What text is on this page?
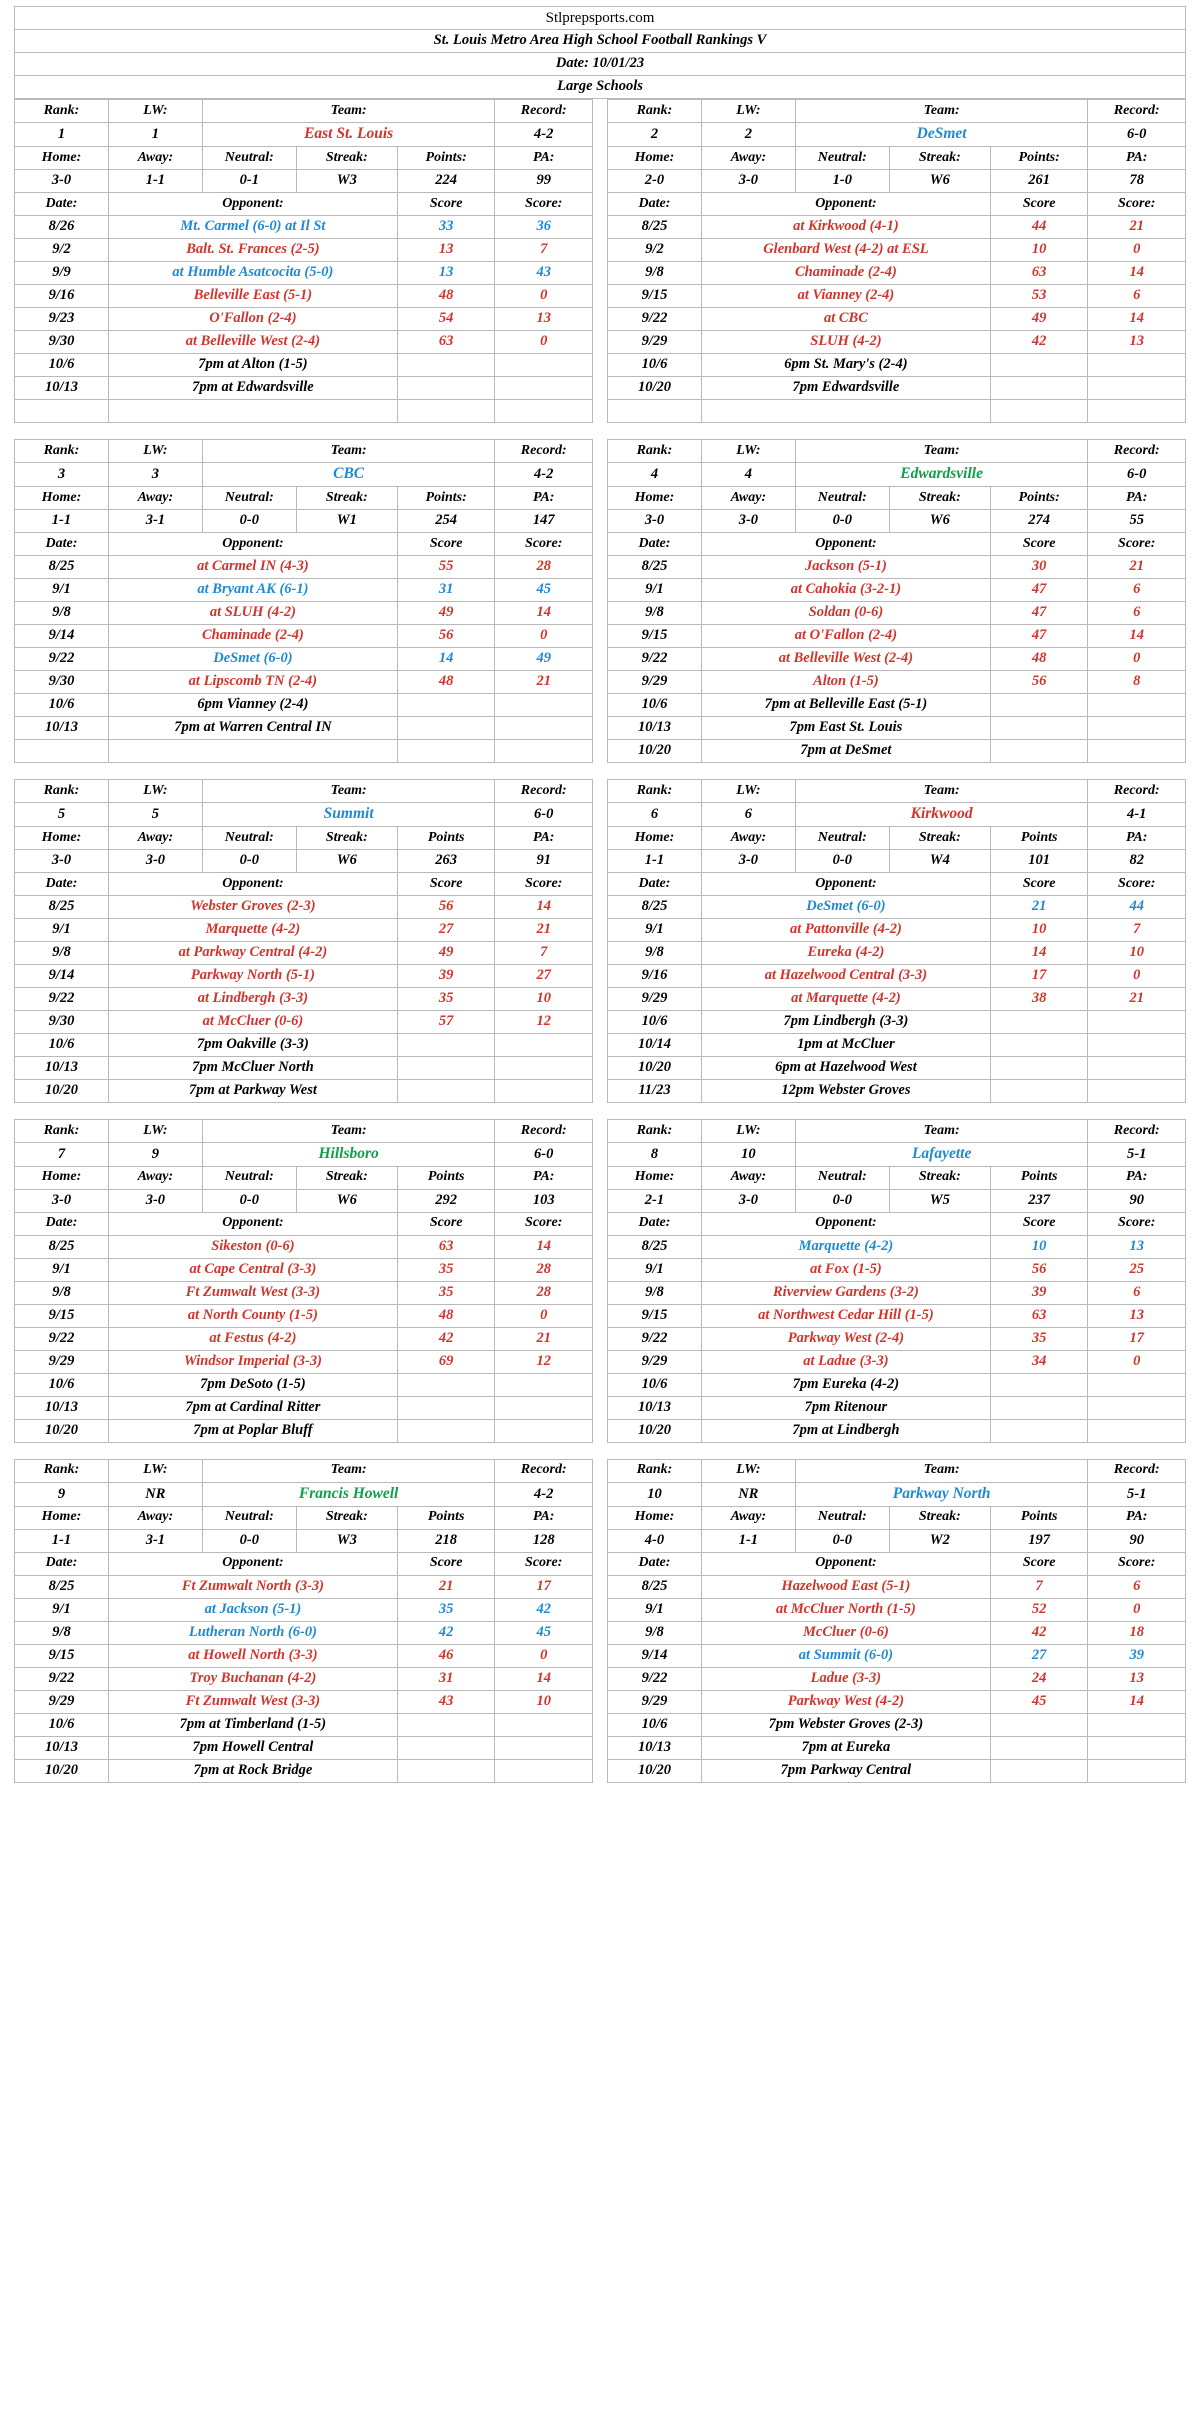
Stlprepsports.com
St. Louis Metro Area High School Football Rankings V
Date: 10/01/23
Large Schools
Rank:	LW:	Team:	Record:
1	1	East St. Louis	4-2
Home:	Away:	Neutral:	Streak:	Points:	PA:
3-0	1-1	0-1	W3	224	99
Date:	Opponent:	Score	Score:
8/26	Mt. Carmel (6-0) at Il St	33	36
9/2	Balt. St. Frances (2-5)	13	7
9/9	at Humble Asatcocita (5-0)	13	43
9/16	Belleville East (5-1)	48	0
9/23	O'Fallon (2-4)	54	13
9/30	at Belleville West (2-4)	63	0
10/6	7pm at Alton (1-5)		
10/13	7pm at Edwardsville		

Rank:	LW:	Team:	Record:
2	2	DeSmet	6-0
Home:	Away:	Neutral:	Streak:	Points:	PA:
2-0	3-0	1-0	W6	261	78
Date:	Opponent:	Score	Score:
8/25	at Kirkwood (4-1)	44	21
9/2	Glenbard West (4-2) at ESL	10	0
9/8	Chaminade (2-4)	63	14
9/15	at Vianney (2-4)	53	6
9/22	at CBC	49	14
9/29	SLUH (4-2)	42	13
10/6	6pm St. Mary's (2-4)		
10/20	7pm Edwardsville		

Rank:	LW:	Team:	Record:
3	3	CBC	4-2
Home:	Away:	Neutral:	Streak:	Points:	PA:
1-1	3-1	0-0	W1	254	147
Date:	Opponent:	Score	Score:
8/25	at Carmel IN (4-3)	55	28
9/1	at Bryant AK (6-1)	31	45
9/8	at SLUH (4-2)	49	14
9/14	Chaminade (2-4)	56	0
9/22	DeSmet (6-0)	14	49
9/30	at Lipscomb TN (2-4)	48	21
10/6	6pm Vianney (2-4)		
10/13	7pm at Warren Central IN		

Rank:	LW:	Team:	Record:
4	4	Edwardsville	6-0
Home:	Away:	Neutral:	Streak:	Points:	PA:
3-0	3-0	0-0	W6	274	55
Date:	Opponent:	Score	Score:
8/25	Jackson (5-1)	30	21
9/1	at Cahokia (3-2-1)	47	6
9/8	Soldan (0-6)	47	6
9/15	at O'Fallon (2-4)	47	14
9/22	at Belleville West (2-4)	48	0
9/29	Alton (1-5)	56	8
10/6	7pm at Belleville East (5-1)		
10/13	7pm East St. Louis		
10/20	7pm at DeSmet		
Rank:	LW:	Team:	Record:
5	5	Summit	6-0
Home:	Away:	Neutral:	Streak:	Points	PA:
3-0	3-0	0-0	W6	263	91
Date:	Opponent:	Score	Score:
8/25	Webster Groves (2-3)	56	14
9/1	Marquette (4-2)	27	21
9/8	at Parkway Central (4-2)	49	7
9/14	Parkway North (5-1)	39	27
9/22	at Lindbergh (3-3)	35	10
9/30	at McCluer (0-6)	57	12
10/6	7pm Oakville (3-3)		
10/13	7pm McCluer North		
10/20	7pm at Parkway West		

Rank:	LW:	Team:	Record:
6	6	Kirkwood	4-1
Home:	Away:	Neutral:	Streak:	Points	PA:
1-1	3-0	0-0	W4	101	82
Date:	Opponent:	Score	Score:
8/25	DeSmet (6-0)	21	44
9/1	at Pattonville (4-2)	10	7
9/8	Eureka (4-2)	14	10
9/16	at Hazelwood Central (3-3)	17	0
9/29	at Marquette (4-2)	38	21
10/6	7pm Lindbergh (3-3)		
10/14	1pm at McCluer		
10/20	6pm at Hazelwood West		
11/23	12pm Webster Groves		
Rank:	LW:	Team:	Record:
7	9	Hillsboro	6-0
Home:	Away:	Neutral:	Streak:	Points	PA:
3-0	3-0	0-0	W6	292	103
Date:	Opponent:	Score	Score:
8/25	Sikeston (0-6)	63	14
9/1	at Cape Central (3-3)	35	28
9/8	Ft Zumwalt West (3-3)	35	28
9/15	at North County (1-5)	48	0
9/22	at Festus (4-2)	42	21
9/29	Windsor Imperial (3-3)	69	12
10/6	7pm DeSoto (1-5)		
10/13	7pm at Cardinal Ritter		
10/20	7pm at Poplar Bluff		

Rank:	LW:	Team:	Record:
8	10	Lafayette	5-1
Home:	Away:	Neutral:	Streak:	Points	PA:
2-1	3-0	0-0	W5	237	90
Date:	Opponent:	Score	Score:
8/25	Marquette (4-2)	10	13
9/1	at Fox (1-5)	56	25
9/8	Riverview Gardens (3-2)	39	6
9/15	at Northwest Cedar Hill (1-5)	63	13
9/22	Parkway West (2-4)	35	17
9/29	at Ladue (3-3)	34	0
10/6	7pm Eureka (4-2)		
10/13	7pm Ritenour		
10/20	7pm at Lindbergh		
Rank:	LW:	Team:	Record:
9	NR	Francis Howell	4-2
Home:	Away:	Neutral:	Streak:	Points	PA:
1-1	3-1	0-0	W3	218	128
Date:	Opponent:	Score	Score:
8/25	Ft Zumwalt North (3-3)	21	17
9/1	at Jackson (5-1)	35	42
9/8	Lutheran North (6-0)	42	45
9/15	at Howell North (3-3)	46	0
9/22	Troy Buchanan (4-2)	31	14
9/29	Ft Zumwalt West (3-3)	43	10
10/6	7pm at Timberland (1-5)		
10/13	7pm Howell Central		
10/20	7pm at Rock Bridge		

Rank:	LW:	Team:	Record:
10	NR	Parkway North	5-1
Home:	Away:	Neutral:	Streak:	Points	PA:
4-0	1-1	0-0	W2	197	90
Date:	Opponent:	Score	Score:
8/25	Hazelwood East (5-1)	7	6
9/1	at McCluer North (1-5)	52	0
9/8	McCluer (0-6)	42	18
9/14	at Summit (6-0)	27	39
9/22	Ladue (3-3)	24	13
9/29	Parkway West (4-2)	45	14
10/6	7pm Webster Groves (2-3)		
10/13	7pm at Eureka		
10/20	7pm Parkway Central		
